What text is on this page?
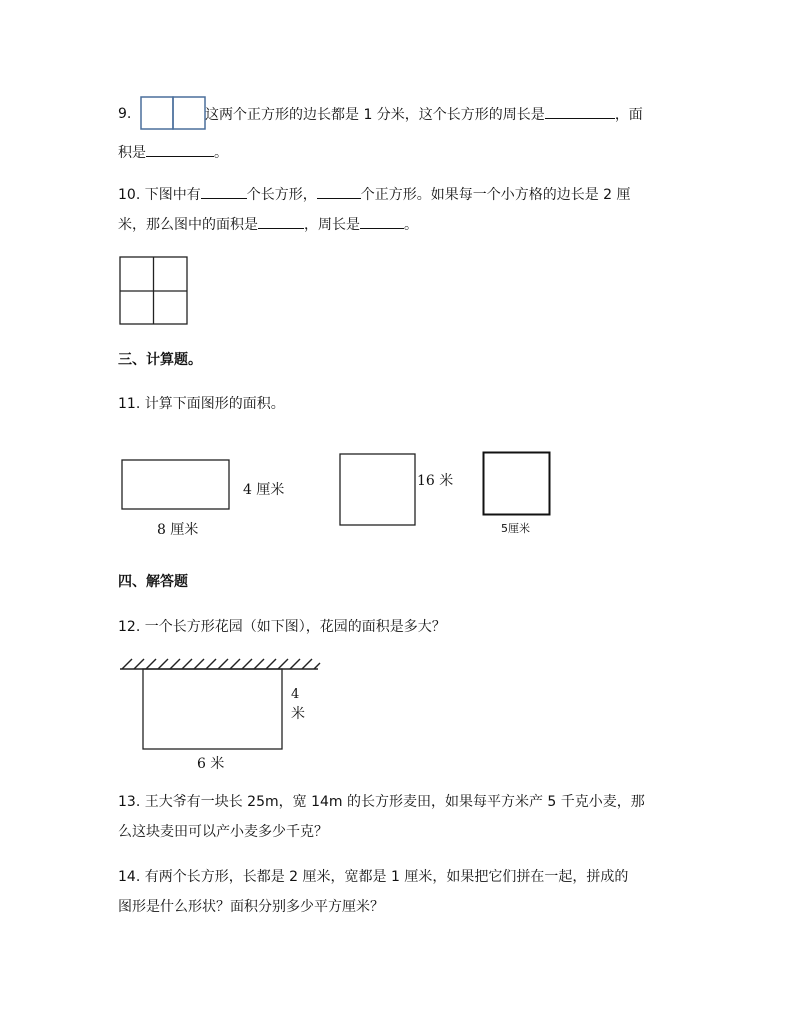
9.	这两个正方形的边长都是 1 分米，这个长方形的周长是	，面
积是	。
10. 下图中有	个长方形，	个正方形。如果每一个小方格的边长是 2 厘
米，那么图中的面积是	，周长是	。
三、计算题。
11. 计算下面图形的面积。
4 厘米
8 厘米
16 米
5厘米
四、解答题
12. 一个长方形花园（如下图），花园的面积是多大？
4
米
6 米
13. 王大爷有一块长 25m，宽 14m 的长方形麦田，如果每平方米产 5 千克小麦，那
么这块麦田可以产小麦多少千克？
14. 有两个长方形，长都是 2 厘米，宽都是 1 厘米，如果把它们拼在一起，拼成的
图形是什么形状？面积分别多少平方厘米？
